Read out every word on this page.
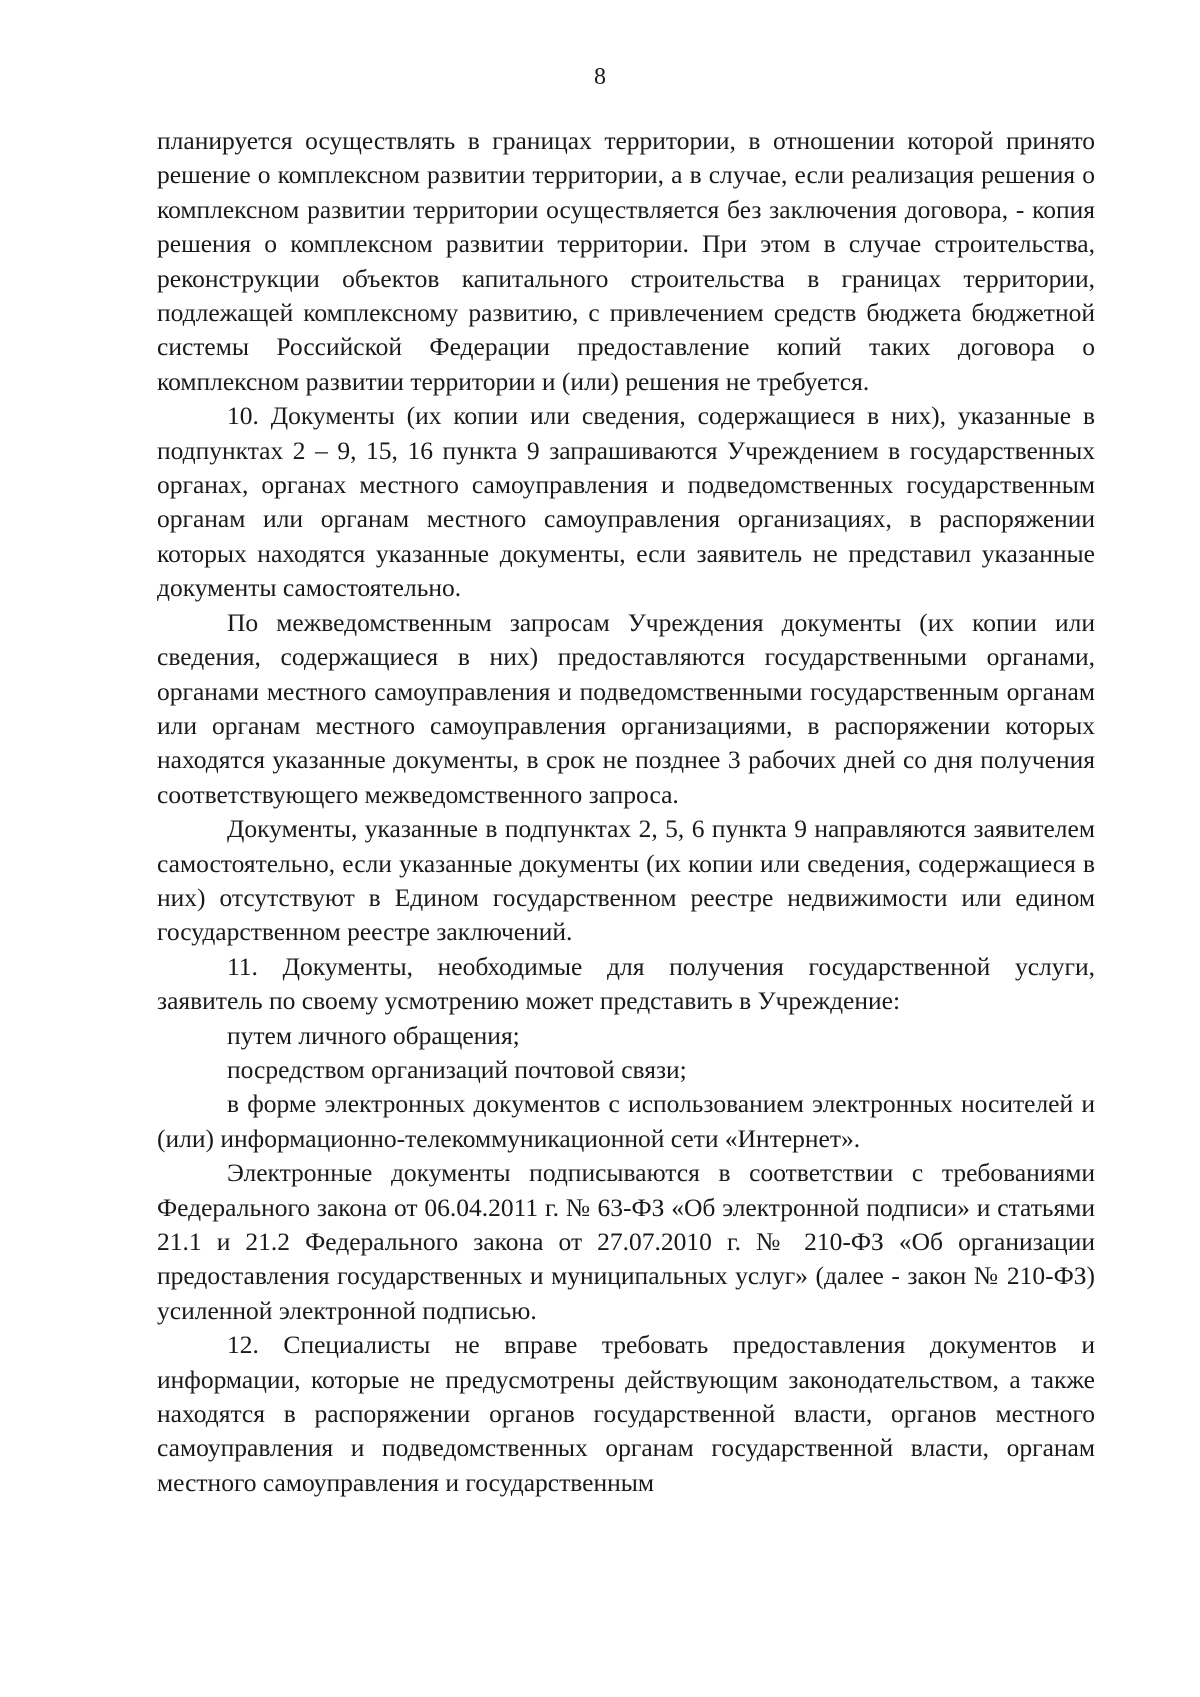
8

планируется осуществлять в границах территории, в отношении которой принято решение о комплексном развитии территории, а в случае, если реализация решения о комплексном развитии территории осуществляется без заключения договора, - копия решения о комплексном развитии территории. При этом в случае строительства, реконструкции объектов капитального строительства в границах территории, подлежащей комплексному развитию, с привлечением средств бюджета бюджетной системы Российской Федерации предоставление копий таких договора о комплексном развитии территории и (или) решения не требуется.

10. Документы (их копии или сведения, содержащиеся в них), указанные в подпунктах 2 – 9, 15, 16 пункта 9 запрашиваются Учреждением в государственных органах, органах местного самоуправления и подведомственных государственным органам или органам местного самоуправления организациях, в распоряжении которых находятся указанные документы, если заявитель не представил указанные документы самостоятельно.

По межведомственным запросам Учреждения документы (их копии или сведения, содержащиеся в них) предоставляются государственными органами, органами местного самоуправления и подведомственными государственным органам или органам местного самоуправления организациями, в распоряжении которых находятся указанные документы, в срок не позднее 3 рабочих дней со дня получения соответствующего межведомственного запроса.

Документы, указанные в подпунктах 2, 5, 6 пункта 9 направляются заявителем самостоятельно, если указанные документы (их копии или сведения, содержащиеся в них) отсутствуют в Едином государственном реестре недвижимости или едином государственном реестре заключений.

11. Документы, необходимые для получения государственной услуги, заявитель по своему усмотрению может представить в Учреждение:

путем личного обращения;

посредством организаций почтовой связи;

в форме электронных документов с использованием электронных носителей и (или) информационно-телекоммуникационной сети «Интернет».

Электронные документы подписываются в соответствии с требованиями Федерального закона от 06.04.2011 г. № 63-ФЗ «Об электронной подписи» и статьями 21.1 и 21.2 Федерального закона от 27.07.2010 г. № 210-ФЗ «Об организации предоставления государственных и муниципальных услуг» (далее - закон № 210-ФЗ) усиленной электронной подписью.

12. Специалисты не вправе требовать предоставления документов и информации, которые не предусмотрены действующим законодательством, а также находятся в распоряжении органов государственной власти, органов местного самоуправления и подведомственных органам государственной власти, органам местного самоуправления и государственным
